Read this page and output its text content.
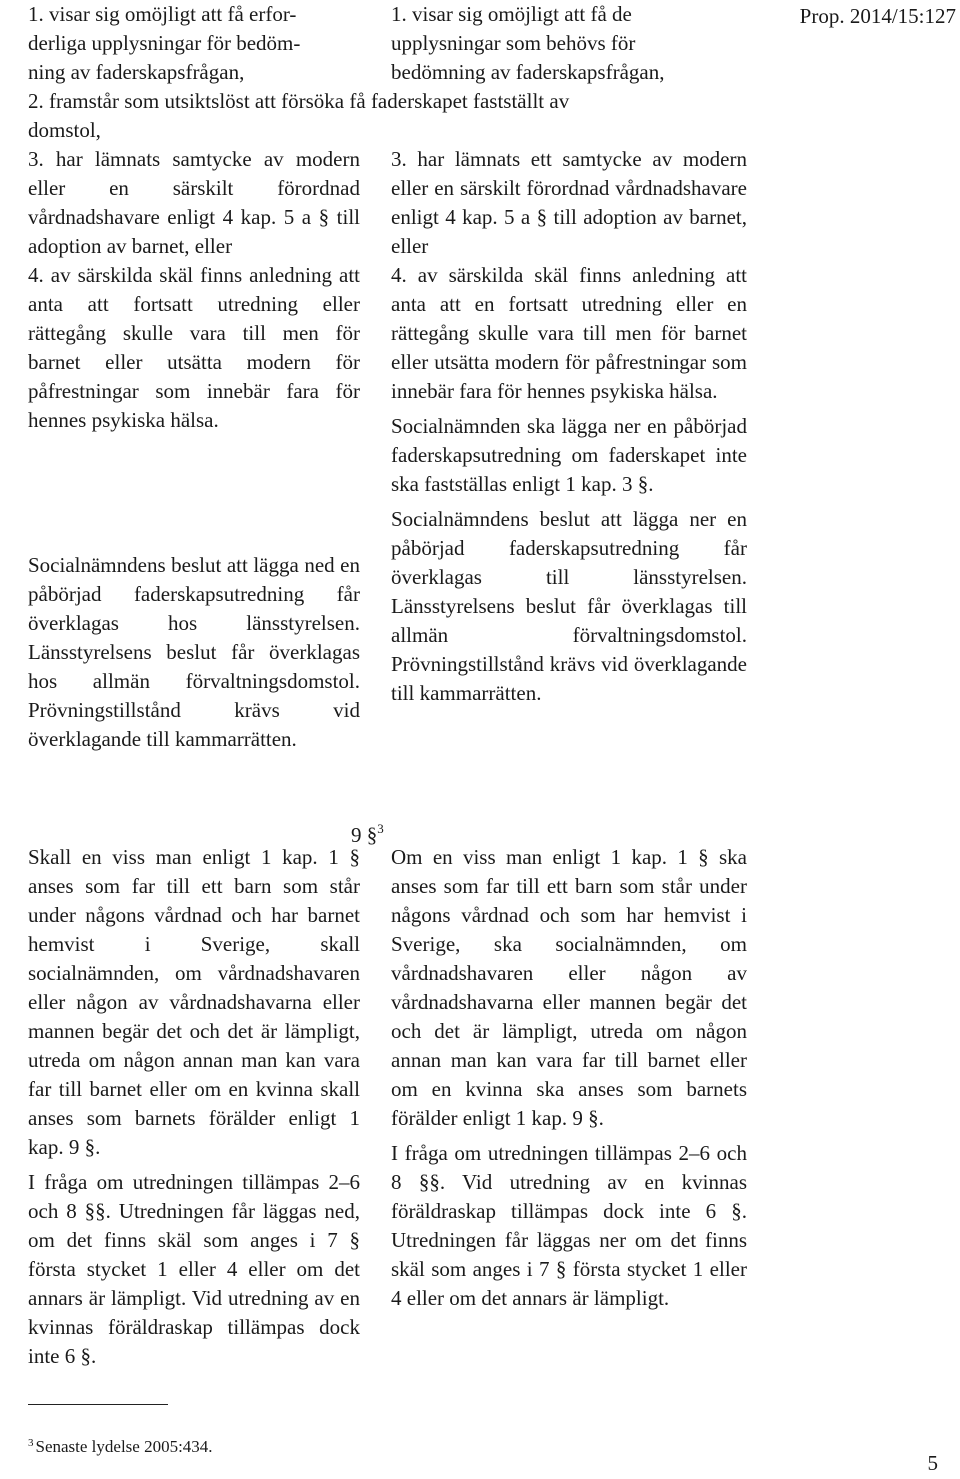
Prop. 2014/15:127
1. visar sig omöjligt att få erfor-
derliga upplysningar för bedöm-
ning av faderskapsfrågan,
1. visar sig omöjligt att få de
upplysningar som behövs för
bedömning av faderskapsfrågan,
2. framstår som utsiktslöst att försöka få faderskapet fastställt av
domstol,

3. har lämnats samtycke av modern eller en särskilt förordnad vårdnadshavare enligt 4 kap. 5 a § till adoption av barnet, eller

4. av särskilda skäl finns anledning att anta att fortsatt utredning eller rättegång skulle vara till men för barnet eller utsätta modern för påfrestningar som innebär fara för hennes psykiska hälsa.

Socialnämndens beslut att lägga ned en påbörjad faderskapsutredning får överklagas hos länsstyrelsen. Länsstyrelsens beslut får överklagas hos allmän förvaltningsdomstol. Prövningstillstånd krävs vid överklagande till kammarrätten.

3. har lämnats ett samtycke av modern eller en särskilt förordnad vårdnadshavare enligt 4 kap. 5 a § till adoption av barnet, eller

4. av särskilda skäl finns anledning att anta att en fortsatt utredning eller en rättegång skulle vara till men för barnet eller utsätta modern för påfrestningar som innebär fara för hennes psykiska hälsa.

Socialnämnden ska lägga ner en påbörjad faderskapsutredning om faderskapet inte ska fastställas enligt 1 kap. 3 §.

Socialnämndens beslut att lägga ner en påbörjad faderskapsutredning får överklagas till länsstyrelsen. Länsstyrelsens beslut får överklagas till allmän förvaltningsdomstol. Prövningstillstånd krävs vid överklagande till kammarrätten.

9 §$^3$

Skall en viss man enligt 1 kap. 1 § anses som far till ett barn som står under någons vårdnad och har barnet hemvist i Sverige, skall socialnämnden, om vårdnadshavaren eller någon av vårdnadshavarna eller mannen begär det och det är lämpligt, utreda om någon annan man kan vara far till barnet eller om en kvinna skall anses som barnets förälder enligt 1 kap. 9 §.

I fråga om utredningen tillämpas 2–6 och 8 §§. Utredningen får läggas ned, om det finns skäl som anges i 7 § första stycket 1 eller 4 eller om det annars är lämpligt. Vid utredning av en kvinnas föräldraskap tillämpas dock inte 6 §.

Om en viss man enligt 1 kap. 1 § ska anses som far till ett barn som står under någons vårdnad och som har hemvist i Sverige, ska socialnämnden, om vårdnadshavaren eller någon av vårdnadshavarna eller mannen begär det och det är lämpligt, utreda om någon annan man kan vara far till barnet eller om en kvinna ska anses som barnets förälder enligt 1 kap. 9 §.

I fråga om utredningen tillämpas 2–6 och 8 §§. Vid utredning av en kvinnas föräldraskap tillämpas dock inte 6 §. Utredningen får läggas ner om det finns skäl som anges i 7 § första stycket 1 eller 4 eller om det annars är lämpligt.

$^3$ Senaste lydelse 2005:434.
5
